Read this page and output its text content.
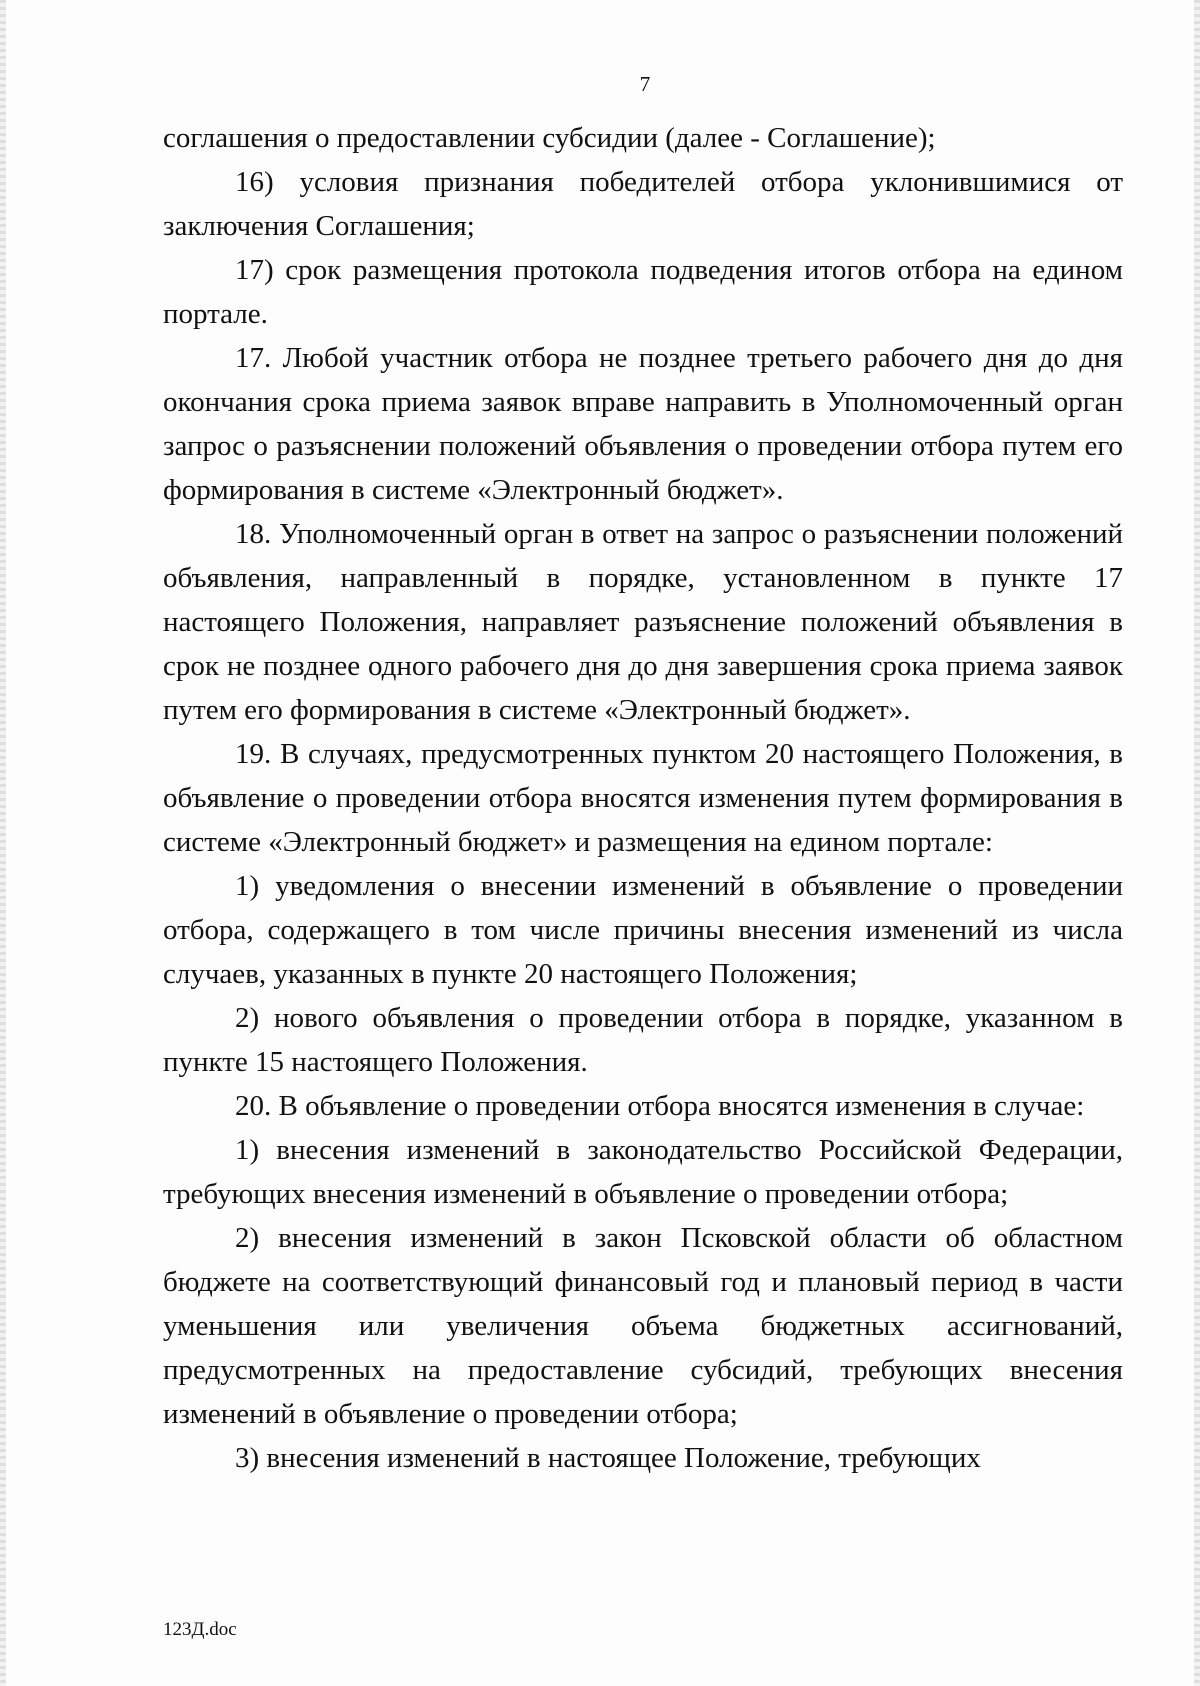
7

соглашения о предоставлении субсидии (далее - Соглашение);

16) условия признания победителей отбора уклонившимися от заключения Соглашения;

17) срок размещения протокола подведения итогов отбора на едином портале.

17. Любой участник отбора не позднее третьего рабочего дня до дня окончания срока приема заявок вправе направить в Уполномоченный орган запрос о разъяснении положений объявления о проведении отбора путем его формирования в системе «Электронный бюджет».

18. Уполномоченный орган в ответ на запрос о разъяснении положений объявления, направленный в порядке, установленном в пункте 17 настоящего Положения, направляет разъяснение положений объявления в срок не позднее одного рабочего дня до дня завершения срока приема заявок путем его формирования в системе «Электронный бюджет».

19. В случаях, предусмотренных пунктом 20 настоящего Положения, в объявление о проведении отбора вносятся изменения путем формирования в системе «Электронный бюджет» и размещения на едином портале:

1) уведомления о внесении изменений в объявление о проведении отбора, содержащего в том числе причины внесения изменений из числа случаев, указанных в пункте 20 настоящего Положения;

2) нового объявления о проведении отбора в порядке, указанном в пункте 15 настоящего Положения.

20. В объявление о проведении отбора вносятся изменения в случае:

1) внесения изменений в законодательство Российской Федерации, требующих внесения изменений в объявление о проведении отбора;

2) внесения изменений в закон Псковской области об областном бюджете на соответствующий финансовый год и плановый период в части уменьшения или увеличения объема бюджетных ассигнований, предусмотренных на предоставление субсидий, требующих внесения изменений в объявление о проведении отбора;

3) внесения изменений в настоящее Положение, требующих

123Д.doc
